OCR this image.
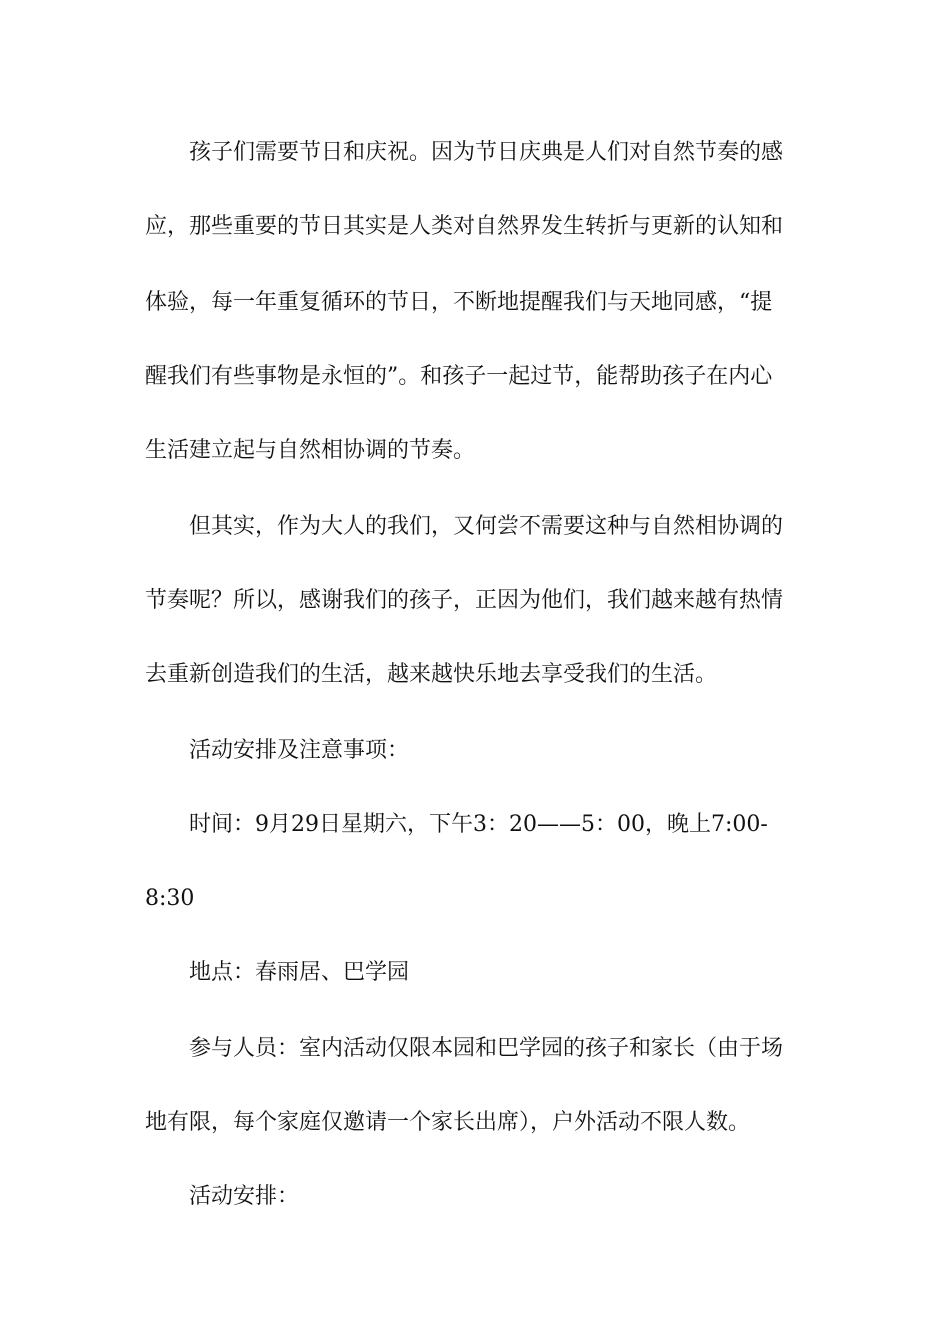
孩子们需要节日和庆祝。因为节日庆典是人们对自然节奏的感
应，那些重要的节日其实是人类对自然界发生转折与更新的认知和
体验，每一年重复循环的节日，不断地提醒我们与天地同感，“提
醒我们有些事物是永恒的”。和孩子一起过节，能帮助孩子在内心
生活建立起与自然相协调的节奏。
但其实，作为大人的我们，又何尝不需要这种与自然相协调的
节奏呢？所以，感谢我们的孩子，正因为他们，我们越来越有热情
去重新创造我们的生活，越来越快乐地去享受我们的生活。
活动安排及注意事项：
时间：9月29日星期六，下午3：20——5：00，晚上7:00-
8:30
地点：春雨居、巴学园
参与人员：室内活动仅限本园和巴学园的孩子和家长（由于场
地有限，每个家庭仅邀请一个家长出席），户外活动不限人数。
活动安排：
